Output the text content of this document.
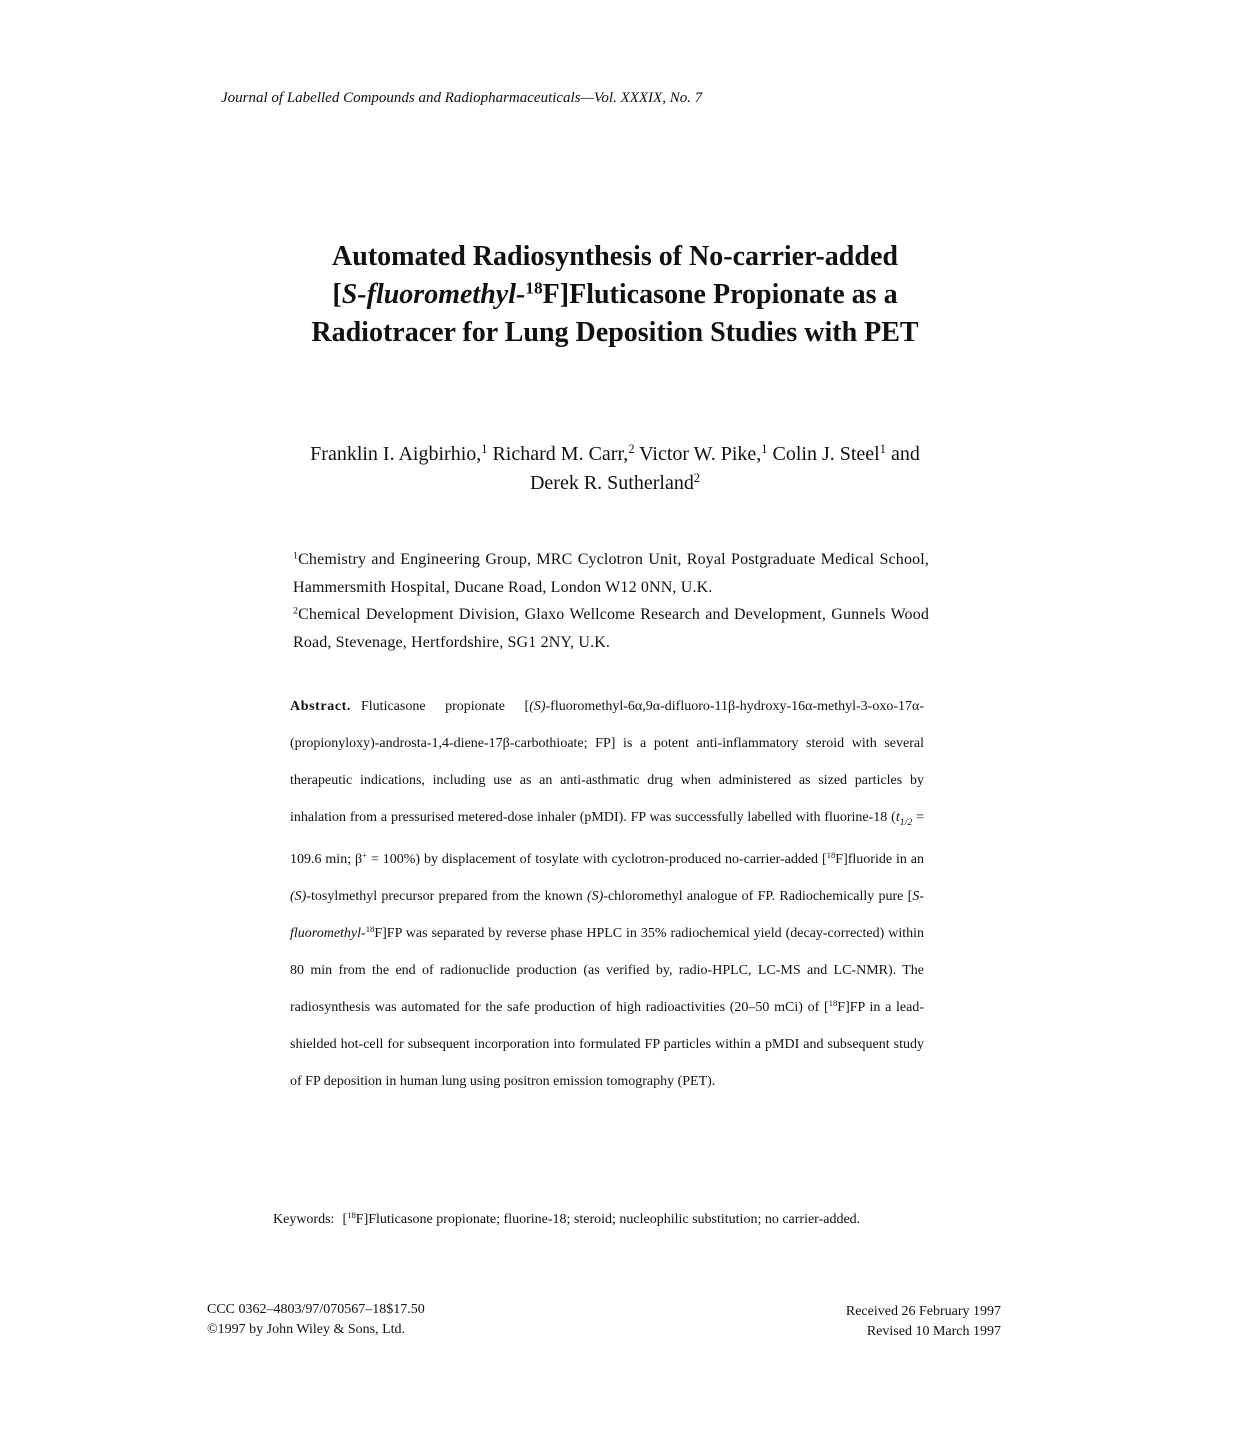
Journal of Labelled Compounds and Radiopharmaceuticals—Vol. XXXIX, No. 7
Automated Radiosynthesis of No-carrier-added
[S-fluoromethyl-$^{18}$F]Fluticasone Propionate as a
Radiotracer for Lung Deposition Studies with PET
Franklin I. Aigbirhio,$^1$ Richard M. Carr,$^2$ Victor W. Pike,$^1$ Colin J. Steel$^1$ and
Derek R. Sutherland$^2$

$^1$Chemistry and Engineering Group, MRC Cyclotron Unit, Royal Postgraduate Medical School, Hammersmith Hospital, Ducane Road, London W12 0NN, U.K.

$^2$Chemical Development Division, Glaxo Wellcome Research and Development, Gunnels Wood Road, Stevenage, Hertfordshire, SG1 2NY, U.K.

Abstract. Fluticasone propionate [(S)-fluoromethyl-6α,9α-difluoro-11β-hydroxy-16α-methyl-3-oxo-17α-(propionyloxy)-androsta-1,4-diene-17β-carbothioate; FP] is a potent anti-inflammatory steroid with several therapeutic indications, including use as an anti-asthmatic drug when administered as sized particles by inhalation from a pressurised metered-dose inhaler (pMDI). FP was successfully labelled with fluorine-18 ($t_{1/2} = 109.6$ min; β+ = 100%) by displacement of tosylate with cyclotron-produced no-carrier-added [$^{18}$F]fluoride in an (S)-tosylmethyl precursor prepared from the known (S)-chloromethyl analogue of FP. Radiochemically pure [S-fluoromethyl-$^{18}$F]FP was separated by reverse phase HPLC in 35% radiochemical yield (decay-corrected) within 80 min from the end of radionuclide production (as verified by, radio-HPLC, LC-MS and LC-NMR). The radiosynthesis was automated for the safe production of high radioactivities (20–50 mCi) of [$^{18}$F]FP in a lead-shielded hot-cell for subsequent incorporation into formulated FP particles within a pMDI and subsequent study of FP deposition in human lung using positron emission tomography (PET).
Keywords: [$^{18}$F]Fluticasone propionate; fluorine-18; steroid; nucleophilic substitution; no carrier-added.
CCC 0362–4803/97/070567–18$17.50
©1997 by John Wiley & Sons, Ltd.
Received 26 February 1997
Revised 10 March 1997
